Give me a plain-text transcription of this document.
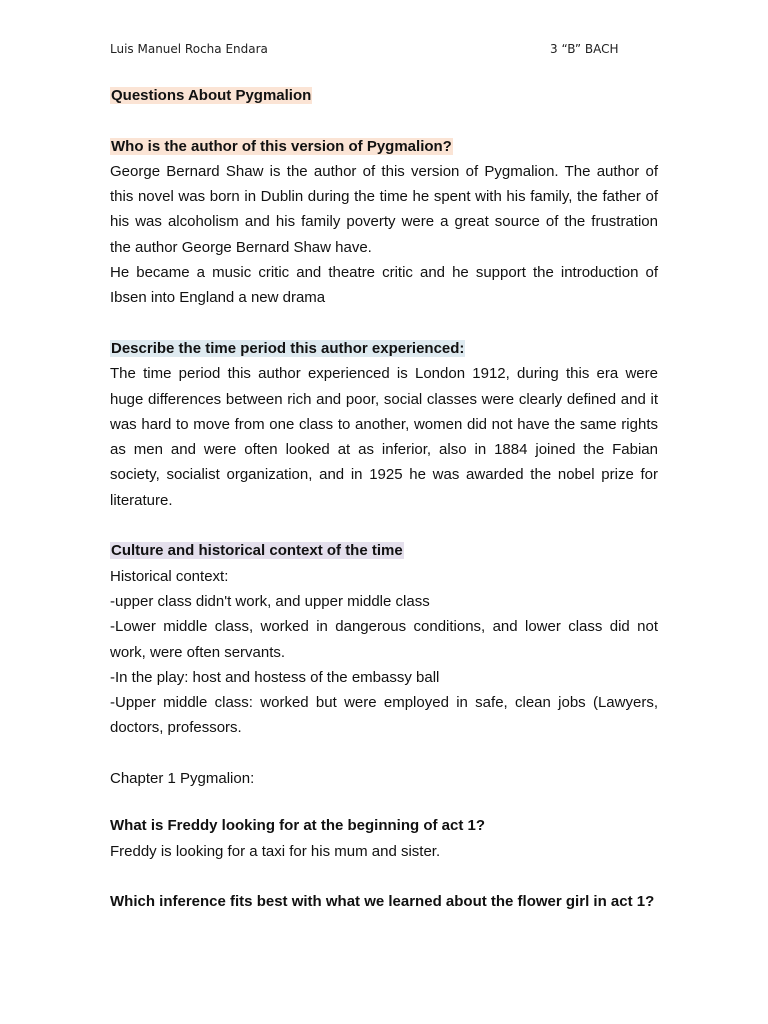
Luis Manuel Rocha Endara	3 “B” BACH

Questions About Pygmalion

Who is the author of this version of Pygmalion?

George Bernard Shaw is the author of this version of Pygmalion. The author of this novel was born in Dublin during the time he spent with his family, the father of his was alcoholism and his family poverty were a great source of the frustration the author George Bernard Shaw have.

He became a music critic and theatre critic and he support the introduction of Ibsen into England a new drama

Describe the time period this author experienced:

The time period this author experienced is London 1912, during this era were huge differences between rich and poor, social classes were clearly defined and it was hard to move from one class to another, women did not have the same rights as men and were often looked at as inferior, also in 1884 joined the Fabian society, socialist organization, and in 1925 he was awarded the nobel prize for literature.

Culture and historical context of the time

Historical context:

-upper class didn't work, and upper middle class

-Lower middle class, worked in dangerous conditions, and lower class did not work, were often servants.

-In the play: host and hostess of the embassy ball

-Upper middle class: worked but were employed in safe, clean jobs (Lawyers, doctors, professors.

Chapter 1 Pygmalion:

What is Freddy looking for at the beginning of act 1?

Freddy is looking for a taxi for his mum and sister.

Which inference fits best with what we learned about the flower girl in act 1?
